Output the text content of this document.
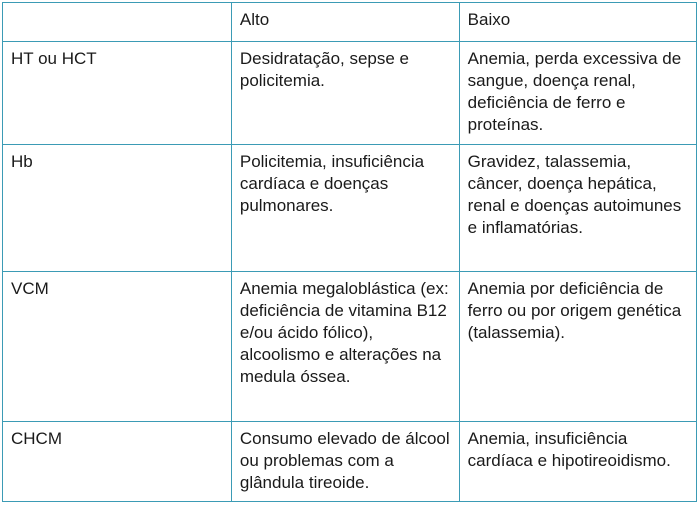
	Alto	Baixo
HT ou HCT	Desidratação, sepse e policitemia.	Anemia, perda excessiva de sangue, doença renal, deficiência de ferro e proteínas.
Hb	Policitemia, insuficiência cardíaca e doenças pulmonares.	Gravidez, talassemia, câncer, doença hepática, renal e doenças autoimunes e inflamatórias.
VCM	Anemia megaloblástica (ex: deficiência de vitamina B12 e/ou ácido fólico), alcoolismo e alterações na medula óssea.	Anemia por deficiência de ferro ou por origem genética (talassemia).
CHCM	Consumo elevado de álcool ou problemas com a glândula tireoide.	Anemia, insuficiência cardíaca e hipotireoidismo.
